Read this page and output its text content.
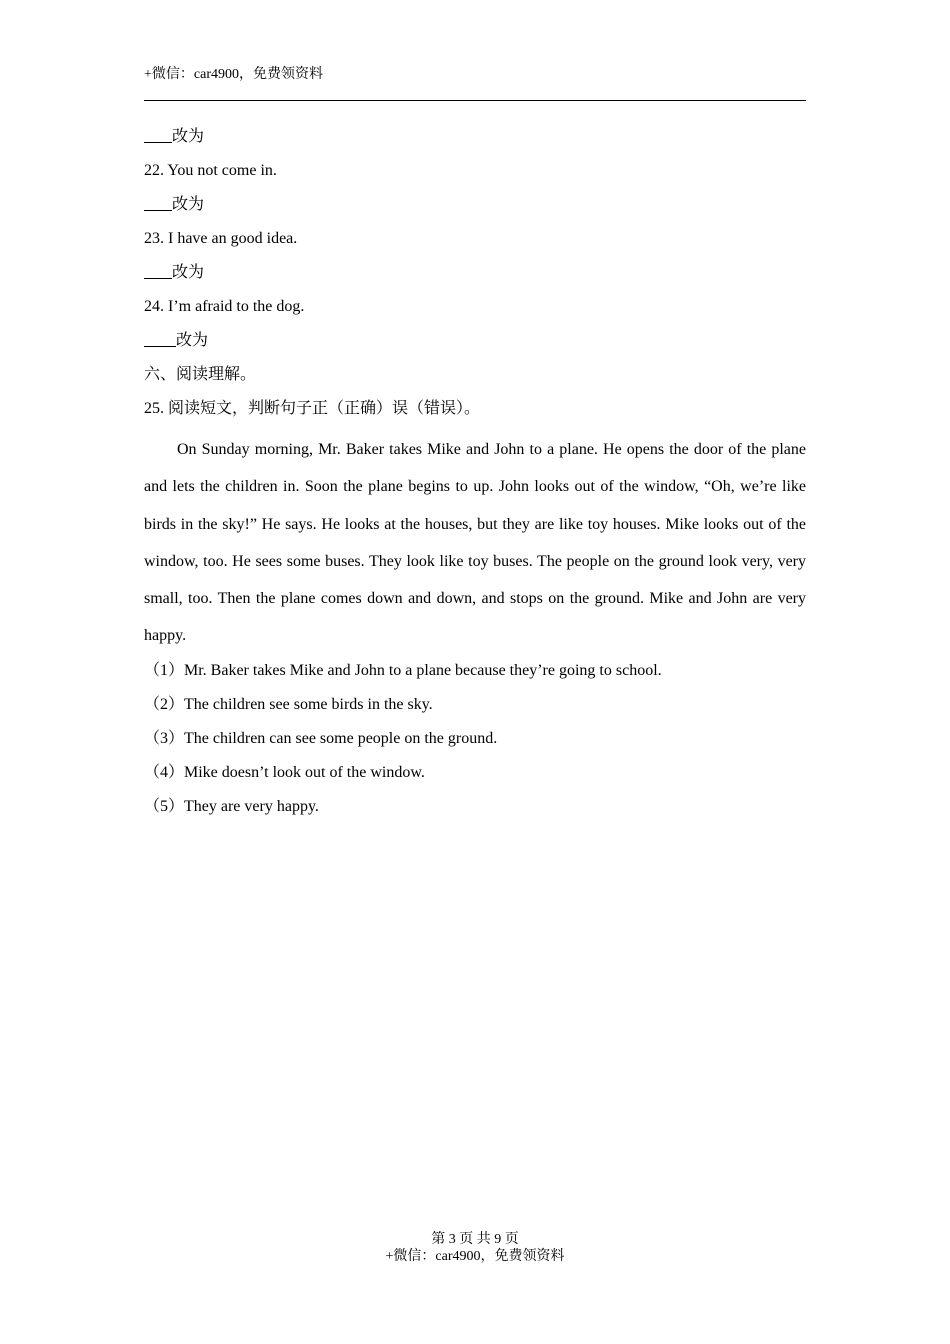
+微信：car4900，免费领资料
改为
22. You not come in.
改为
23. I have an good idea.
改为
24. I’m afraid to the dog.
改为
六、阅读理解。
25. 阅读短文，判断句子正（正确）误（错误）。

On Sunday morning, Mr. Baker takes Mike and John to a plane. He opens the door of the plane and lets the children in. Soon the plane begins to up. John looks out of the window, “Oh, we’re like birds in the sky!” He says. He looks at the houses, but they are like toy houses. Mike looks out of the window, too. He sees some buses. They look like toy buses. The people on the ground look very, very small, too. Then the plane comes down and down, and stops on the ground. Mike and John are very happy.

（1）Mr. Baker takes Mike and John to a plane because they’re going to school.
（2）The children see some birds in the sky.
（3）The children can see some people on the ground.
（4）Mike doesn’t look out of the window.
（5）They are very happy.
第 3 页 共 9 页
+微信：car4900，免费领资料
